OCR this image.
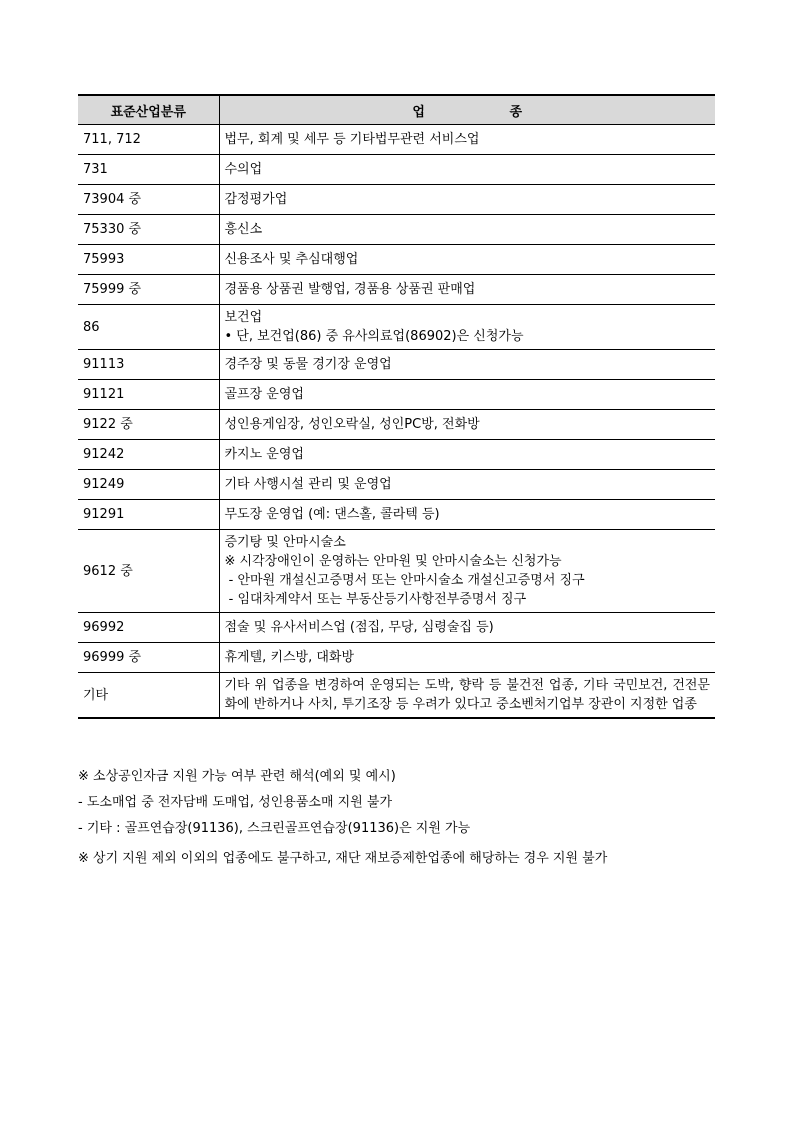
표준산업분류	업 종
711, 712	법무, 회계 및 세무 등 기타법무관련 서비스업

731	수의업

73904 중	감정평가업

75330 중	흥신소

75993	신용조사 및 추심대행업

75999 중	경품용 상품권 발행업, 경품용 상품권 판매업

86	보건업
• 단, 보건업(86) 중 유사의료업(86902)은 신청가능

91113	경주장 및 동물 경기장 운영업

91121	골프장 운영업

9122 중	성인용게임장, 성인오락실, 성인PC방, 전화방

91242	카지노 운영업

91249	기타 사행시설 관리 및 운영업

91291	무도장 운영업 (예: 댄스홀, 콜라텍 등)

9612 중	증기탕 및 안마시술소
※ 시각장애인이 운영하는 안마원 및 안마시술소는 신청가능
- 안마원 개설신고증명서 또는 안마시술소 개설신고증명서 징구
- 임대차계약서 또는 부동산등기사항전부증명서 징구

96992	점술 및 유사서비스업 (점집, 무당, 심령술집 등)

96999 중	휴게텔, 키스방, 대화방

기타	기타 위 업종을 변경하여 운영되는 도박, 향락 등 불건전 업종, 기타 국민보건, 건전문화에 반하거나 사치, 투기조장 등 우려가 있다고 중소벤처기업부 장관이 지정한 업종

※ 소상공인자금 지원 가능 여부 관련 해석(예외 및 예시)

- 도소매업 중 전자담배 도매업, 성인용품소매 지원 불가

- 기타 : 골프연습장(91136), 스크린골프연습장(91136)은 지원 가능

※ 상기 지원 제외 이외의 업종에도 불구하고, 재단 재보증제한업종에 해당하는 경우 지원 불가
